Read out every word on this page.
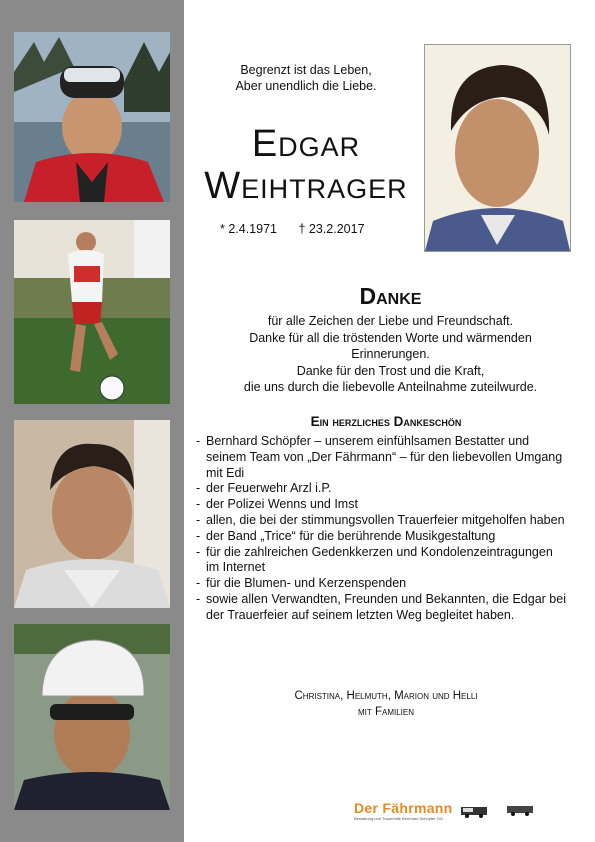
Begrenzt ist das Leben,
Aber unendlich die Liebe.
Edgar
Weihtrager
* 2.4.1971 † 23.2.2017
Danke
für alle Zeichen der Liebe und Freundschaft.
Danke für all die tröstenden Worte und wärmenden
Erinnerungen.
Danke für den Trost und die Kraft,
die uns durch die liebevolle Anteilnahme zuteilwurde.
Ein herzliches Dankeschön
- Bernhard Schöpfer – unserem einfühlsamen Bestatter und seinem Team von „Der Fährmann“ – für den liebevollen Umgang mit Edi
- der Feuerwehr Arzl i.P.
- der Polizei Wenns und Imst
- allen, die bei der stimmungsvollen Trauerfeier mitgeholfen haben
- der Band „Trice“ für die berührende Musikgestaltung
- für die zahlreichen Gedenkkerzen und Kondolenzeintragungen im Internet
- für die Blumen- und Kerzenspenden
- sowie allen Verwandten, Freunden und Bekannten, die Edgar bei der Trauerfeier auf seinem letzten Weg begleitet haben.
Christina, Helmuth, Marion und Helli
mit Familien
Der Fährmann
Bestattung und Trauerhilfe Bernhard Schöpfer OG
